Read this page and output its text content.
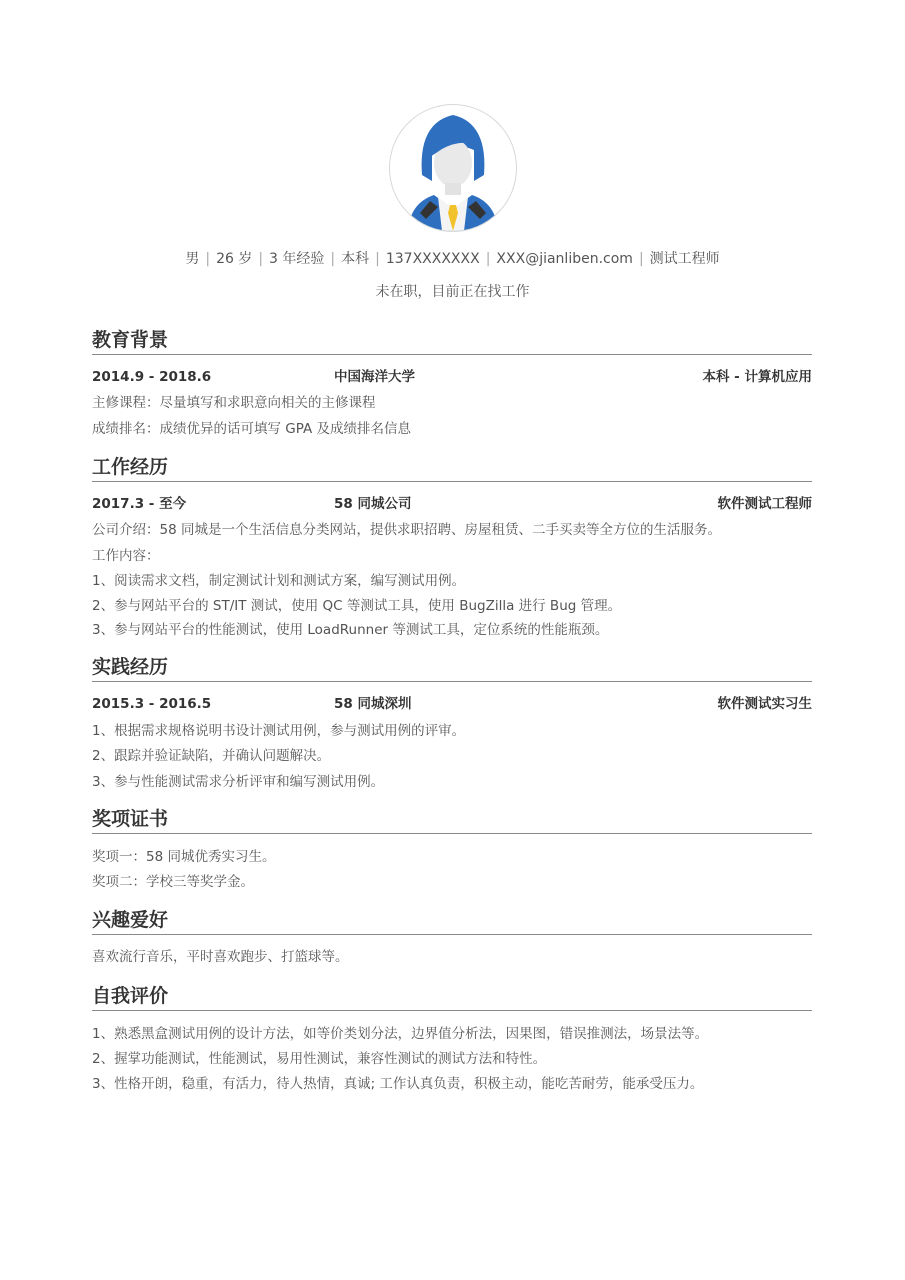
男 | 26 岁 | 3 年经验 | 本科 | 137XXXXXXX | XXX@jianliben.com | 测试工程师
未在职，目前正在找工作
教育背景
2014.9 - 2018.6	中国海洋大学	本科 - 计算机应用
主修课程：尽量填写和求职意向相关的主修课程
成绩排名：成绩优异的话可填写 GPA 及成绩排名信息
工作经历
2017.3 - 至今	58 同城公司	软件测试工程师
公司介绍：58 同城是一个生活信息分类网站，提供求职招聘、房屋租赁、二手买卖等全方位的生活服务。
工作内容：
1、阅读需求文档，制定测试计划和测试方案，编写测试用例。
2、参与网站平台的 ST/IT 测试，使用 QC 等测试工具，使用 BugZilla 进行 Bug 管理。
3、参与网站平台的性能测试，使用 LoadRunner 等测试工具，定位系统的性能瓶颈。
实践经历
2015.3 - 2016.5	58 同城深圳	软件测试实习生
1、根据需求规格说明书设计测试用例，参与测试用例的评审。
2、跟踪并验证缺陷，并确认问题解决。
3、参与性能测试需求分析评审和编写测试用例。
奖项证书
奖项一：58 同城优秀实习生。
奖项二：学校三等奖学金。
兴趣爱好
喜欢流行音乐，平时喜欢跑步、打篮球等。
自我评价
1、熟悉黑盒测试用例的设计方法，如等价类划分法，边界值分析法，因果图，错误推测法，场景法等。
2、握掌功能测试，性能测试，易用性测试，兼容性测试的测试方法和特性。
3、性格开朗，稳重，有活力，待人热情，真诚; 工作认真负责，积极主动，能吃苦耐劳，能承受压力。
